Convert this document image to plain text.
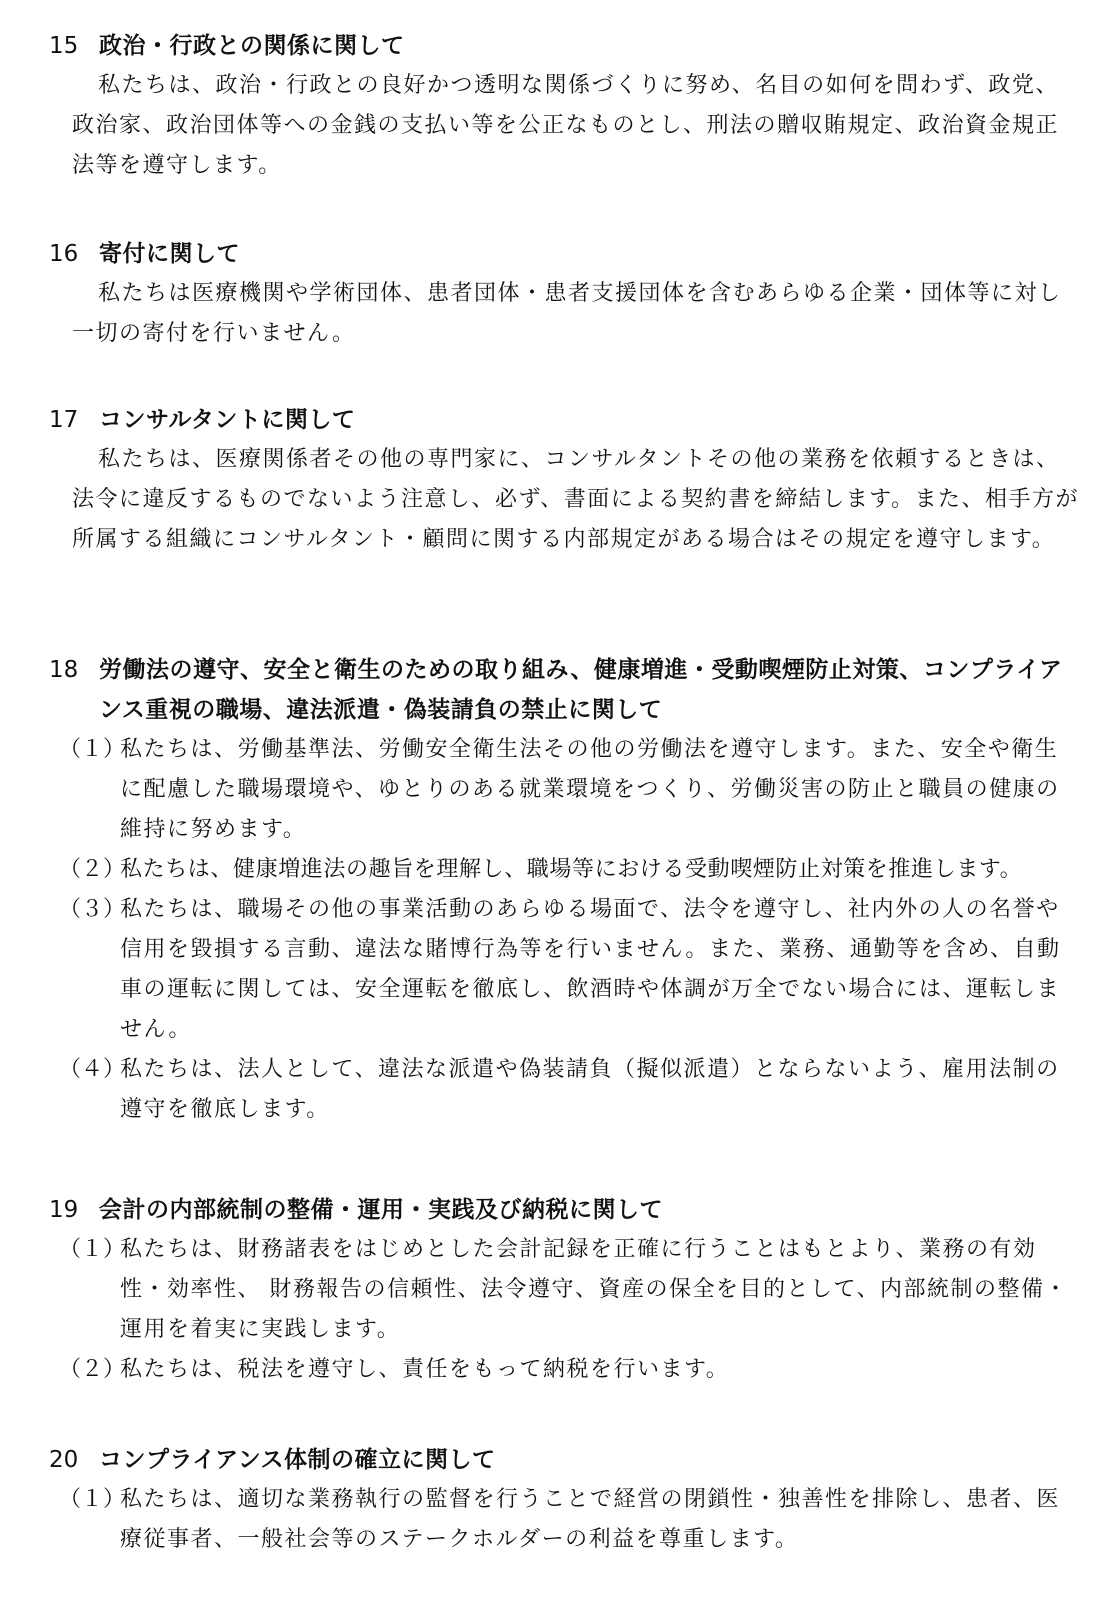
15 政治・行政との関係に関して
私たちは、政治・行政との良好かつ透明な関係づくりに努め、名目の如何を問わず、政党、政治家、政治団体等への金銭の支払い等を公正なものとし、刑法の贈収賄規定、政治資金規正法等を遵守します。
16 寄付に関して
私たちは医療機関や学術団体、患者団体・患者支援団体を含むあらゆる企業・団体等に対し一切の寄付を行いません。
17 コンサルタントに関して
私たちは、医療関係者その他の専門家に、コンサルタントその他の業務を依頼するときは、法令に違反するものでないよう注意し、必ず、書面による契約書を締結します。また、相手方が所属する組織にコンサルタント・顧問に関する内部規定がある場合はその規定を遵守します。
18 労働法の遵守、安全と衛生のための取り組み、健康増進・受動喫煙防止対策、コンプライアンス重視の職場、違法派遣・偽装請負の禁止に関して
（１）
私たちは、労働基準法、労働安全衛生法その他の労働法を遵守します。また、安全や衛生に配慮した職場環境や、ゆとりのある就業環境をつくり、労働災害の防止と職員の健康の維持に努めます。
（２）
私たちは、健康増進法の趣旨を理解し、職場等における受動喫煙防止対策を推進します。
（３）
私たちは、職場その他の事業活動のあらゆる場面で、法令を遵守し、社内外の人の名誉や信用を毀損する言動、違法な賭博行為等を行いません。また、業務、通勤等を含め、自動車の運転に関しては、安全運転を徹底し、飲酒時や体調が万全でない場合には、運転しません。
（４）
私たちは、法人として、違法な派遣や偽装請負（擬似派遣）とならないよう、雇用法制の遵守を徹底します。
19 会計の内部統制の整備・運用・実践及び納税に関して
（１）
私たちは、財務諸表をはじめとした会計記録を正確に行うことはもとより、業務の有効性・効率性、 財務報告の信頼性、法令遵守、資産の保全を目的として、内部統制の整備・運用を着実に実践します。
（２）
私たちは、税法を遵守し、責任をもって納税を行います。
20 コンプライアンス体制の確立に関して
（１）
私たちは、適切な業務執行の監督を行うことで経営の閉鎖性・独善性を排除し、患者、医療従事者、一般社会等のステークホルダーの利益を尊重します。
